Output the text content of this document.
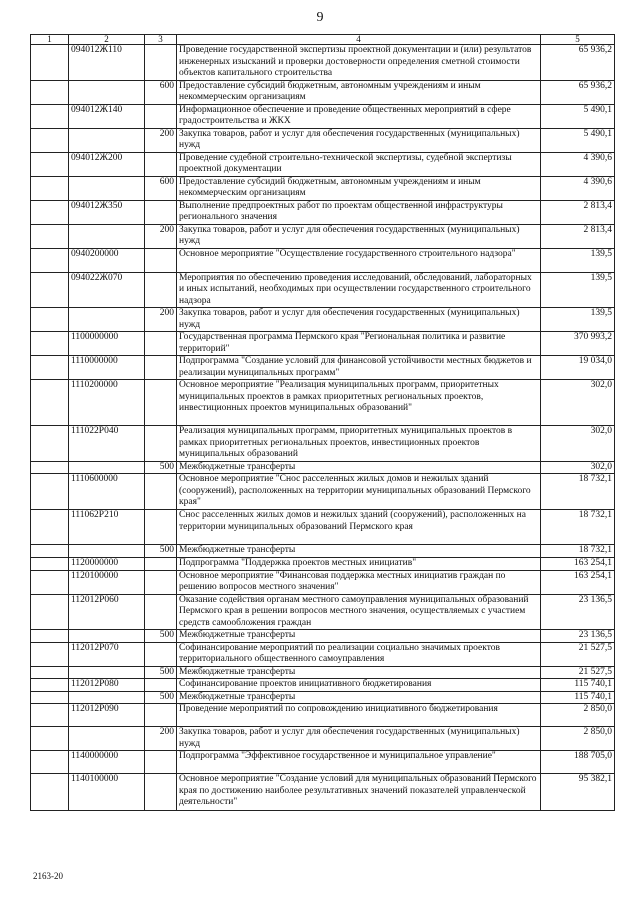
9
1	2	3	4	5
	094012Ж110		Проведение государственной экспертизы проектной документации и (или) результатов инженерных изысканий и проверки достоверности определения сметной стоимости объектов капитального строительства	65 936,2
		600	Предоставление субсидий бюджетным, автономным учреждениям и иным некоммерческим организациям	65 936,2
	094012Ж140		Информационное обеспечение и проведение общественных мероприятий в сфере градостроительства и ЖКХ	5 490,1
		200	Закупка товаров, работ и услуг для обеспечения государственных (муниципальных) нужд	5 490,1
	094012Ж200		Проведение судебной строительно-технической экспертизы, судебной экспертизы проектной документации	4 390,6
		600	Предоставление субсидий бюджетным, автономным учреждениям и иным некоммерческим организациям	4 390,6
	094012Ж350		Выполнение предпроектных работ по проектам общественной инфраструктуры регионального значения	2 813,4
		200	Закупка товаров, работ и услуг для обеспечения государственных (муниципальных) нужд	2 813,4
	0940200000		Основное мероприятие "Осуществление государственного строительного надзора"	139,5
	094022Ж070		Мероприятия по обеспечению проведения исследований, обследований, лабораторных и иных испытаний, необходимых при осуществлении государственного строительного надзора	139,5
		200	Закупка товаров, работ и услуг для обеспечения государственных (муниципальных) нужд	139,5
	1100000000		Государственная программа Пермского края "Региональная политика и развитие территорий"	370 993,2
	1110000000		Подпрограмма "Создание условий для финансовой устойчивости местных бюджетов и реализации муниципальных программ"	19 034,0
	1110200000		Основное мероприятие "Реализация муниципальных программ, приоритетных муниципальных проектов в рамках приоритетных региональных проектов, инвестиционных проектов муниципальных образований"	302,0
	111022Р040		Реализация муниципальных программ, приоритетных муниципальных проектов в рамках приоритетных региональных проектов, инвестиционных проектов муниципальных образований	302,0
		500	Межбюджетные трансферты	302,0
	1110600000		Основное мероприятие "Снос расселенных жилых домов и нежилых зданий (сооружений), расположенных на территории муниципальных образований Пермского края"	18 732,1
	111062Р210		Снос расселенных жилых домов и нежилых зданий (сооружений), расположенных на территории муниципальных образований Пермского края	18 732,1
		500	Межбюджетные трансферты	18 732,1
	1120000000		Подпрограмма "Поддержка проектов местных инициатив"	163 254,1
	1120100000		Основное мероприятие "Финансовая поддержка местных инициатив граждан по решению вопросов местного значения"	163 254,1
	112012Р060		Оказание содействия органам местного самоуправления муниципальных образований Пермского края в решении вопросов местного значения, осуществляемых с участием средств самообложения граждан	23 136,5
		500	Межбюджетные трансферты	23 136,5
	112012Р070		Софинансирование мероприятий по реализации социально значимых проектов территориального общественного самоуправления	21 527,5
		500	Межбюджетные трансферты	21 527,5
	112012Р080		Софинансирование проектов инициативного бюджетирования	115 740,1
		500	Межбюджетные трансферты	115 740,1
	112012Р090		Проведение мероприятий по сопровождению инициативного бюджетирования	2 850,0
		200	Закупка товаров, работ и услуг для обеспечения государственных (муниципальных) нужд	2 850,0
	1140000000		Подпрограмма "Эффективное государственное и муниципальное управление"	188 705,0
	1140100000		Основное мероприятие "Создание условий для муниципальных образований Пермского края по достижению наиболее результативных значений показателей управленческой деятельности"	95 382,1
2163-20
